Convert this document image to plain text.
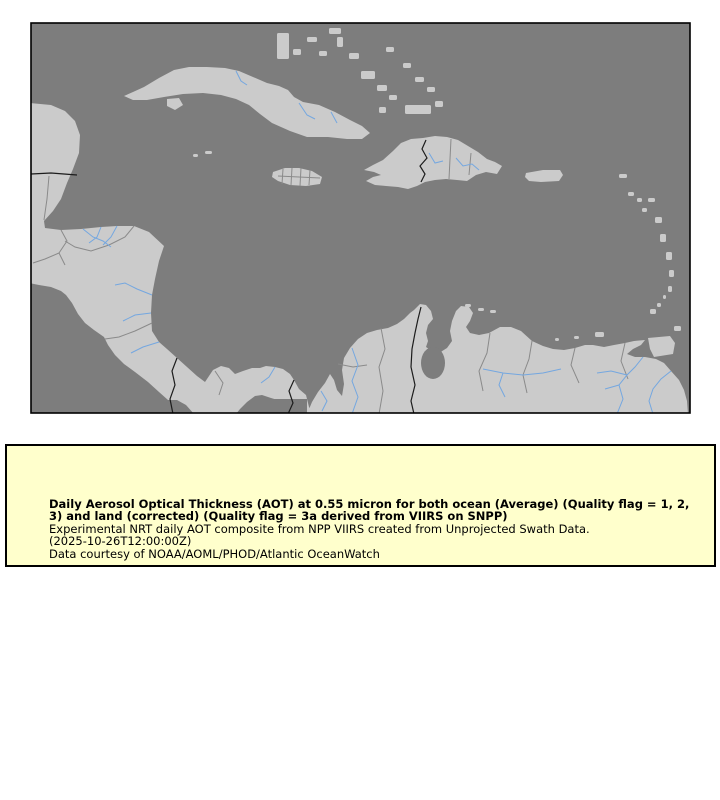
Daily Aerosol Optical Thickness (AOT) at 0.55 micron for both ocean (Average) (Quality flag = 1, 2, 3) and land (corrected) (Quality flag = 3a derived from VIIRS on SNPP)
Experimental NRT daily AOT composite from NPP VIIRS created from Unprojected Swath Data.
(2025-10-26T12:00:00Z)
Data courtesy of NOAA/AOML/PHOD/Atlantic OceanWatch
